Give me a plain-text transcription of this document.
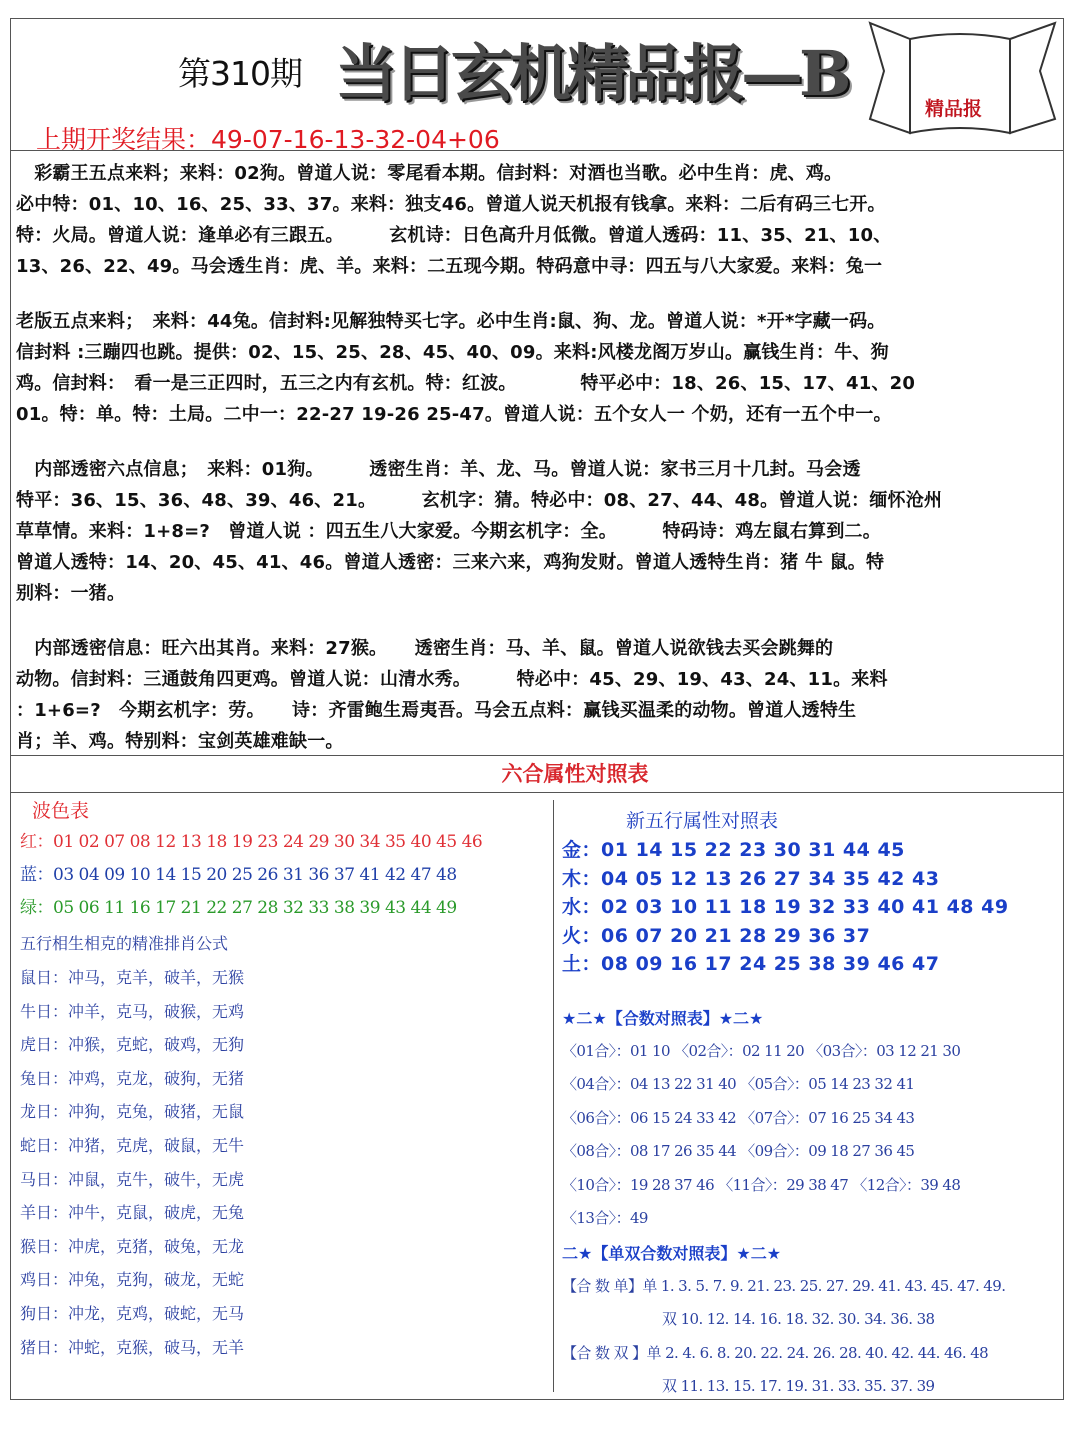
第310期 当日玄机精品报—B	精品报
上期开奖结果：49-07-16-13-32-04+06

　彩霸王五点来料；来料：02狗。曾道人说：零尾看本期。信封料：对酒也当歌。必中生肖：虎、鸡。

必中特：01、10、16、25、33、37。来料：独支46。曾道人说天机报有钱拿。来料：二后有码三七开。

特：火局。曾道人说：逢单必有三跟五。　　　玄机诗：日色高升月低微。曾道人透码：11、35、21、10、

13、26、22、49。马会透生肖：虎、羊。来料：二五现今期。特码意中寻：四五与八大家爱。来料：兔一

老版五点来料；　来料：44兔。信封料:见解独特买七字。必中生肖:鼠、狗、龙。曾道人说：*开*字藏一码。

信封料 :三蹦四也跳。提供：02、15、25、28、45、40、09。来料:风楼龙阁万岁山。赢钱生肖：牛、狗

鸡。信封料：　看一是三正四时，五三之内有玄机。特：红波。　　　　特平必中：18、26、15、17、41、20

01。特：单。特：土局。二中一：22-27 19-26 25-47。曾道人说：五个女人一 个奶，还有一五个中一。

　内部透密六点信息；　来料：01狗。　　　透密生肖：羊、龙、马。曾道人说：家书三月十几封。马会透

特平：36、15、36、48、39、46、21。　　　玄机字：猜。特必中：08、27、44、48。曾道人说：缅怀沧州

草草情。来料：1+8=?　曾道人说 ：四五生八大家爱。今期玄机字：全。　　　特码诗：鸡左鼠右算到二。

曾道人透特：14、20、45、41、46。曾道人透密：三来六来，鸡狗发财。曾道人透特生肖：猪 牛 鼠。特

别料：一猪。

　内部透密信息：旺六出其肖。来料：27猴。　　透密生肖：马、羊、鼠。曾道人说欲钱去买会跳舞的

动物。信封料：三通鼓角四更鸡。曾道人说：山清水秀。　　　特必中：45、29、19、43、24、11。来料

：1+6=?　今期玄机字：劳。　　诗：齐雷鲍生焉夷吾。马会五点料：赢钱买温柔的动物。曾道人透特生

肖；羊、鸡。特别料：宝剑英雄难缺一。

六合属性对照表
波色表
红：01 02 07 08 12 13 18 19 23 24 29 30 34 35 40 45 46
蓝：03 04 09 10 14 15 20 25 26 31 36 37 41 42 47 48
绿：05 06 11 16 17 21 22 27 28 32 33 38 39 43 44 49
五行相生相克的精准排肖公式
鼠日：冲马，克羊，破羊，无猴
牛日：冲羊，克马，破猴，无鸡
虎日：冲猴，克蛇，破鸡，无狗
兔日：冲鸡，克龙，破狗，无猪
龙日：冲狗，克兔，破猪，无鼠
蛇日：冲猪，克虎，破鼠，无牛
马日：冲鼠，克牛，破牛，无虎
羊日：冲牛，克鼠，破虎，无兔
猴日：冲虎，克猪，破兔，无龙
鸡日：冲兔，克狗，破龙，无蛇
狗日：冲龙，克鸡，破蛇，无马
猪日：冲蛇，克猴，破马，无羊
新五行属性对照表
金：01 14 15 22 23 30 31 44 45
木：04 05 12 13 26 27 34 35 42 43
水：02 03 10 11 18 19 32 33 40 41 48 49
火：06 07 20 21 28 29 36 37
土：08 09 16 17 24 25 38 39 46 47
★二★【合数对照表】★二★
〈01合〉：01 10 〈02合〉：02 11 20 〈03合〉：03 12 21 30
〈04合〉：04 13 22 31 40 〈05合〉：05 14 23 32 41
〈06合〉：06 15 24 33 42 〈07合〉：07 16 25 34 43
〈08合〉：08 17 26 35 44 〈09合〉：09 18 27 36 45
〈10合〉：19 28 37 46 〈11合〉：29 38 47 〈12合〉：39 48
〈13合〉：49
二★【单双合数对照表】★二★
【合 数 单】单 1. 3. 5. 7. 9. 21. 23. 25. 27. 29. 41. 43. 45. 47. 49.
双 10. 12. 14. 16. 18. 32. 30. 34. 36. 38
【合 数 双 】单 2. 4. 6. 8. 20. 22. 24. 26. 28. 40. 42. 44. 46. 48
双 11. 13. 15. 17. 19. 31. 33. 35. 37. 39
